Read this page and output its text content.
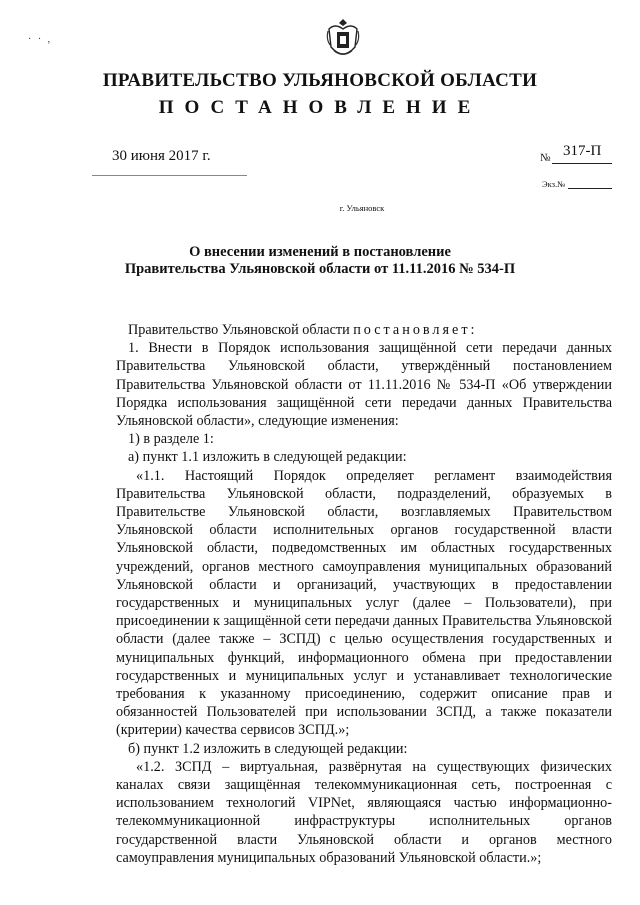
· · ,
ПРАВИТЕЛЬСТВО УЛЬЯНОВСКОЙ ОБЛАСТИ
ПОСТАНОВЛЕНИЕ
30 июня 2017 г.	№ 317-П
Экз.№
г. Ульяновск
О внесении изменений в постановление
Правительства Ульяновской области от 11.11.2016 № 534-П

Правительство Ульяновской области постановляет:

1. Внести в Порядок использования защищённой сети передачи данных Правительства Ульяновской области, утверждённый постановлением Правительства Ульяновской области от 11.11.2016 № 534-П «Об утверждении Порядка использования защищённой сети передачи данных Правительства Ульяновской области», следующие изменения:

1) в разделе 1:

а) пункт 1.1 изложить в следующей редакции:

«1.1. Настоящий Порядок определяет регламент взаимодействия Правительства Ульяновской области, подразделений, образуемых в Правительстве Ульяновской области, возглавляемых Правительством Ульяновской области исполнительных органов государственной власти Ульяновской области, подведомственных им областных государственных учреждений, органов местного самоуправления муниципальных образований Ульяновской области и организаций, участвующих в предоставлении государственных и муниципальных услуг (далее – Пользователи), при присоединении к защищённой сети передачи данных Правительства Ульяновской области (далее также – ЗСПД) с целью осуществления государственных и муниципальных функций, информационного обмена при предоставлении государственных и муниципальных услуг и устанавливает технологические требования к указанному присоединению, содержит описание прав и обязанностей Пользователей при использовании ЗСПД, а также показатели (критерии) качества сервисов ЗСПД.»;

б) пункт 1.2 изложить в следующей редакции:

«1.2. ЗСПД – виртуальная, развёрнутая на существующих физических каналах связи защищённая телекоммуникационная сеть, построенная с использованием технологий VIPNet, являющаяся частью информационно-телекоммуникационной инфраструктуры исполнительных органов государственной власти Ульяновской области и органов местного самоуправления муниципальных образований Ульяновской области.»;
